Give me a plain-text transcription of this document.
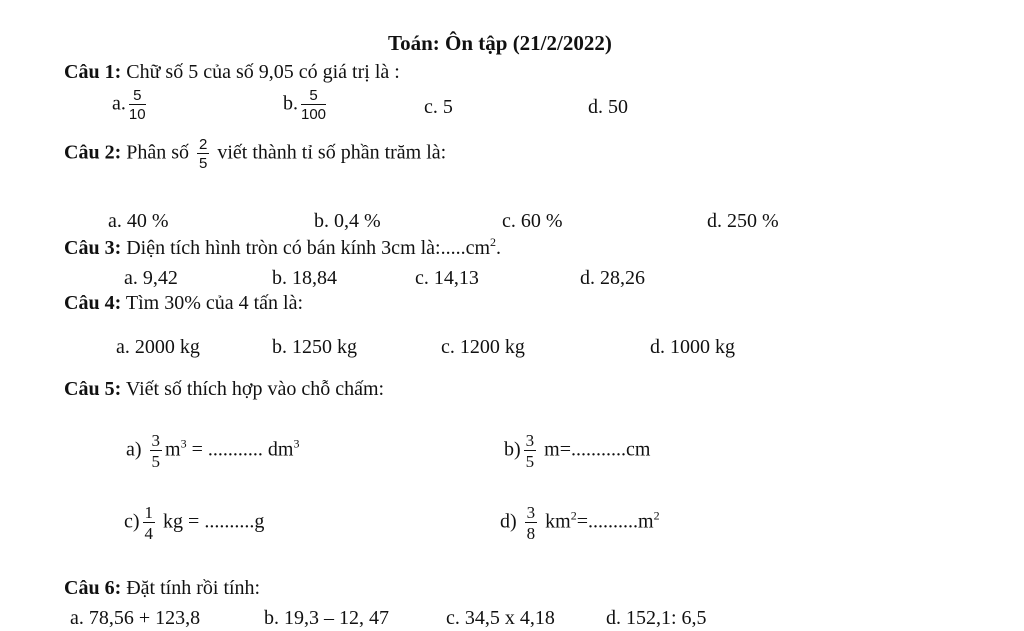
Toán: Ôn tập (21/2/2022)
Câu 1: Chữ số 5 của số 9,05 có giá trị là :
a. $\frac{5}{10}$	b. $\frac{5}{100}$	c. 5	d. 50
Câu 2: Phân số $\frac{2}{5}$ viết thành tỉ số phần trăm là:
a. 40 %	b. 0,4 %	c. 60 %	d. 250 %
Câu 3: Diện tích hình tròn có bán kính 3cm $là:.....cm^2$.
a. 9,42	b. 18,84	c. 14,13	d. 28,26
Câu 4: Tìm 30% của 4 tấn là:
a. 2000 kg	b. 1250 kg	c. 1200 kg	d. 1000 kg
Câu 5: Viết số thích hợp vào chỗ chấm:
$a) \frac{3}{5} m^3$ = ........... $dm^3$	$b) \frac{3}{5} m=...........cm$
$c) \frac{1}{4}$ kg = ..........g	$d) \frac{3}{8} km^2=..........m^2$
Câu 6: Đặt tính rồi tính:
a. 78,56 + 123,8	b. 19,3 – 12, 47	c. 34,5 x 4,18	d. 152,1: 6,5
